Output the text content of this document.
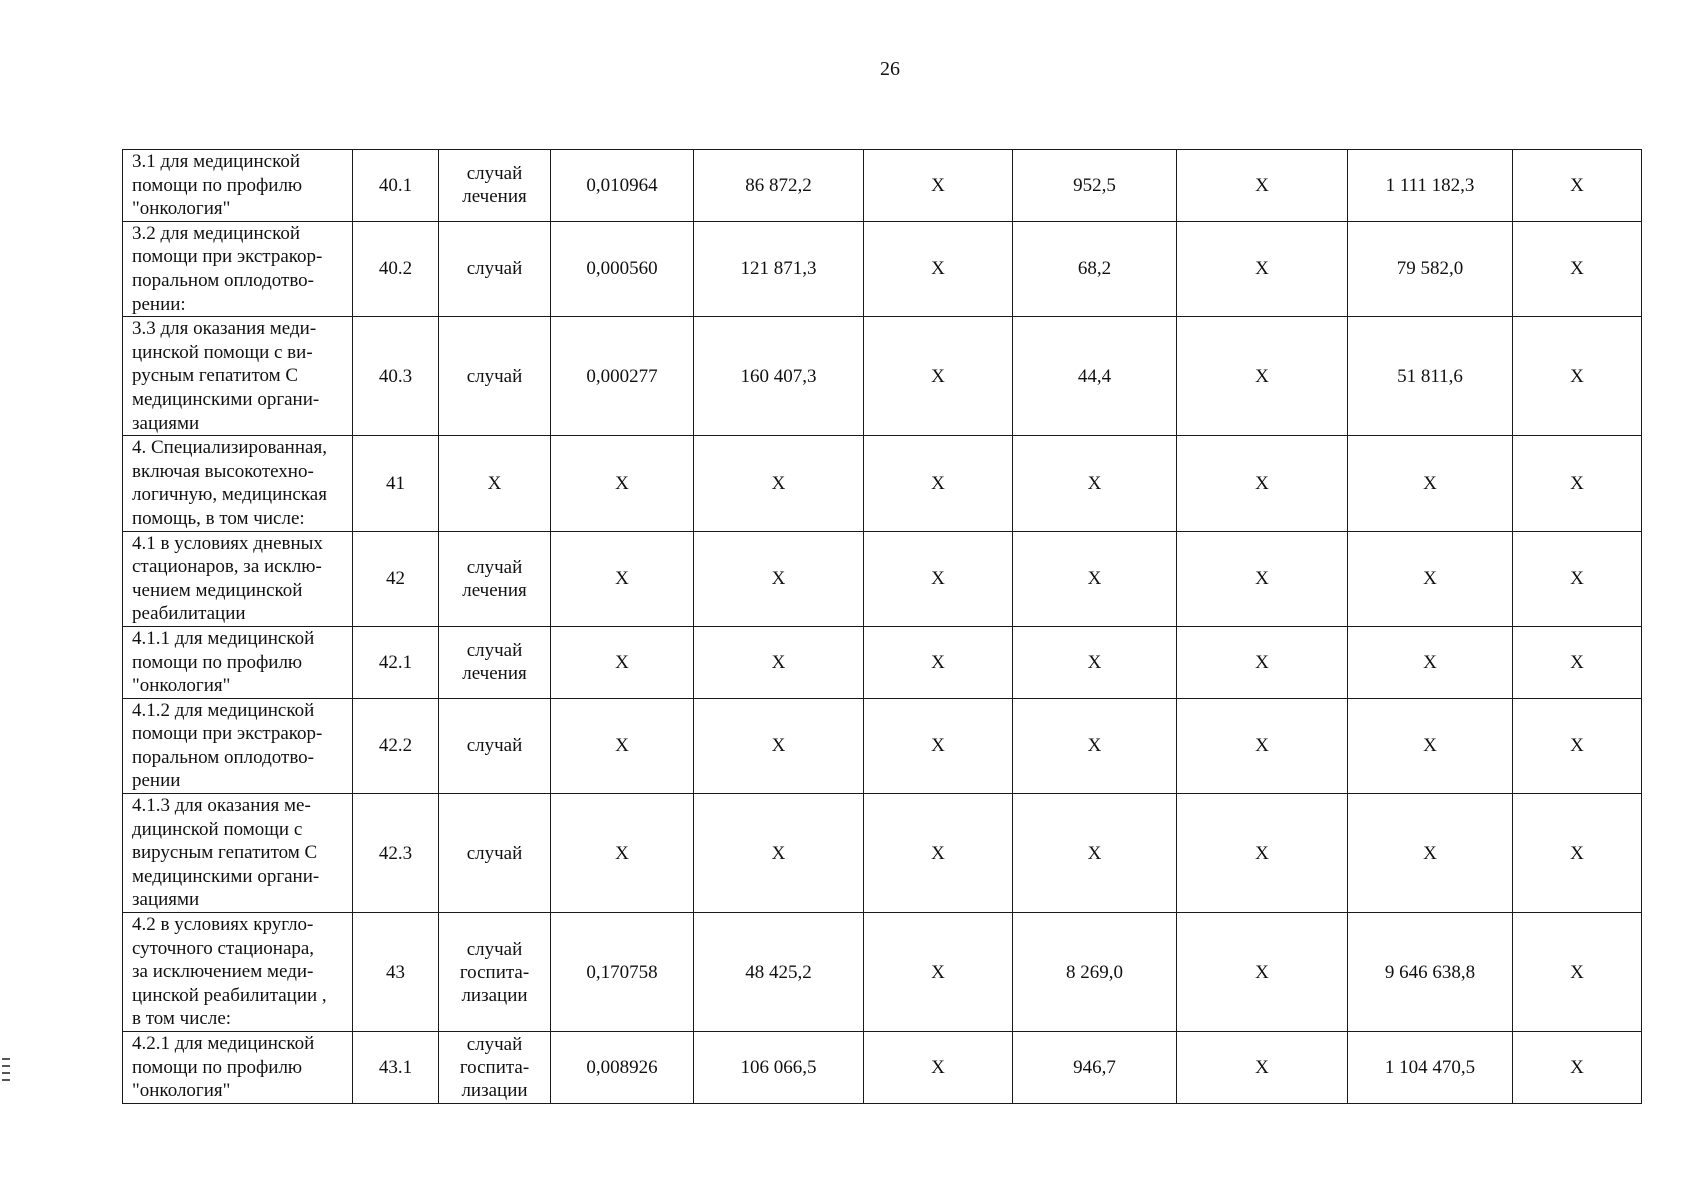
26
3.1 для медицинской
помощи по профилю
"онкология"	40.1	случай
лечения	0,010964	86 872,2	Х	952,5	Х	1 111 182,3	Х
3.2 для медицинской
помощи при экстракор-
поральном оплодотво-
рении:	40.2	случай	0,000560	121 871,3	Х	68,2	Х	79 582,0	Х
3.3 для оказания меди-
цинской помощи с ви-
русным гепатитом С
медицинскими органи-
зациями	40.3	случай	0,000277	160 407,3	Х	44,4	Х	51 811,6	Х
4. Специализированная,
включая высокотехно-
логичную, медицинская
помощь, в том числе:	41	Х	Х	Х	Х	Х	Х	Х	Х
4.1 в условиях дневных
стационаров, за исклю-
чением медицинской
реабилитации	42	случай
лечения	Х	Х	Х	Х	Х	Х	Х
4.1.1 для медицинской
помощи по профилю
"онкология"	42.1	случай
лечения	Х	Х	Х	Х	Х	Х	Х
4.1.2 для медицинской
помощи при экстракор-
поральном оплодотво-
рении	42.2	случай	Х	Х	Х	Х	Х	Х	Х
4.1.3 для оказания ме-
дицинской помощи с
вирусным гепатитом С
медицинскими органи-
зациями	42.3	случай	Х	Х	Х	Х	Х	Х	Х
4.2 в условиях кругло-
суточного стационара,
за исключением меди-
цинской реабилитации ,
в том числе:	43	случай
госпита-
лизации	0,170758	48 425,2	Х	8 269,0	Х	9 646 638,8	Х
4.2.1 для медицинской
помощи по профилю
"онкология"	43.1	случай
госпита-
лизации	0,008926	106 066,5	Х	946,7	Х	1 104 470,5	Х
